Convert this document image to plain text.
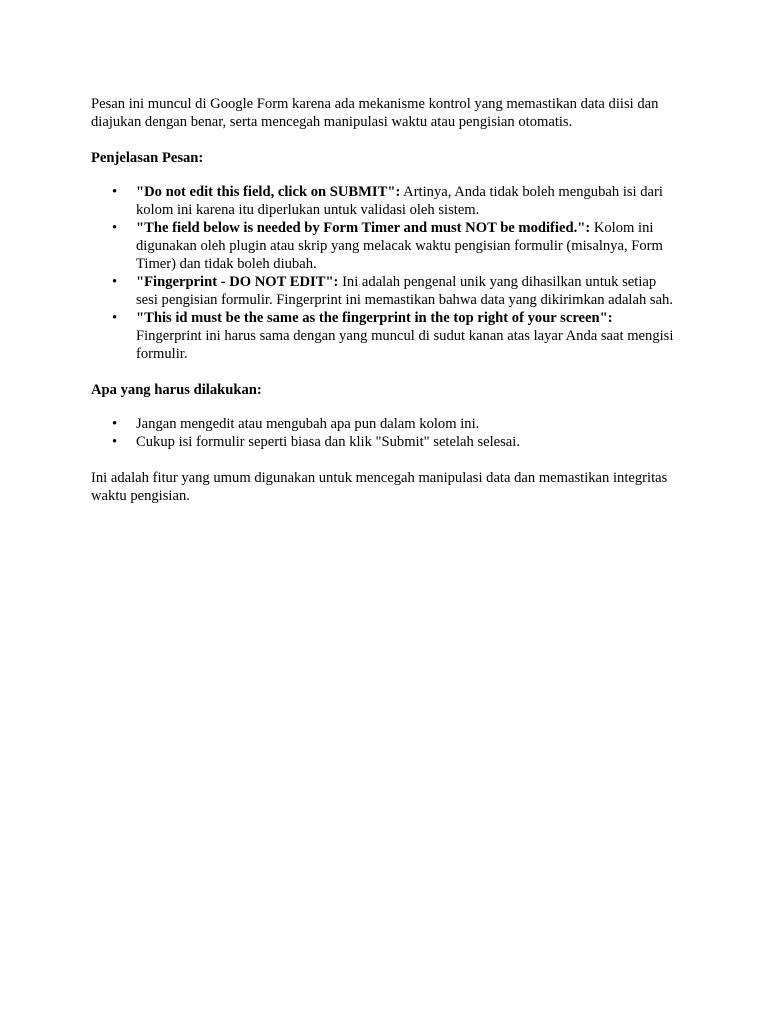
Pesan ini muncul di Google Form karena ada mekanisme kontrol yang memastikan data diisi dan diajukan dengan benar, serta mencegah manipulasi waktu atau pengisian otomatis.

Penjelasan Pesan:

• "Do not edit this field, click on SUBMIT": Artinya, Anda tidak boleh mengubah isi dari kolom ini karena itu diperlukan untuk validasi oleh sistem.
• "The field below is needed by Form Timer and must NOT be modified.": Kolom ini digunakan oleh plugin atau skrip yang melacak waktu pengisian formulir (misalnya, Form Timer) dan tidak boleh diubah.
• "Fingerprint - DO NOT EDIT": Ini adalah pengenal unik yang dihasilkan untuk setiap sesi pengisian formulir. Fingerprint ini memastikan bahwa data yang dikirimkan adalah sah.
• "This id must be the same as the fingerprint in the top right of your screen": Fingerprint ini harus sama dengan yang muncul di sudut kanan atas layar Anda saat mengisi formulir.

Apa yang harus dilakukan:

• Jangan mengedit atau mengubah apa pun dalam kolom ini.
• Cukup isi formulir seperti biasa dan klik "Submit" setelah selesai.

Ini adalah fitur yang umum digunakan untuk mencegah manipulasi data dan memastikan integritas waktu pengisian.
